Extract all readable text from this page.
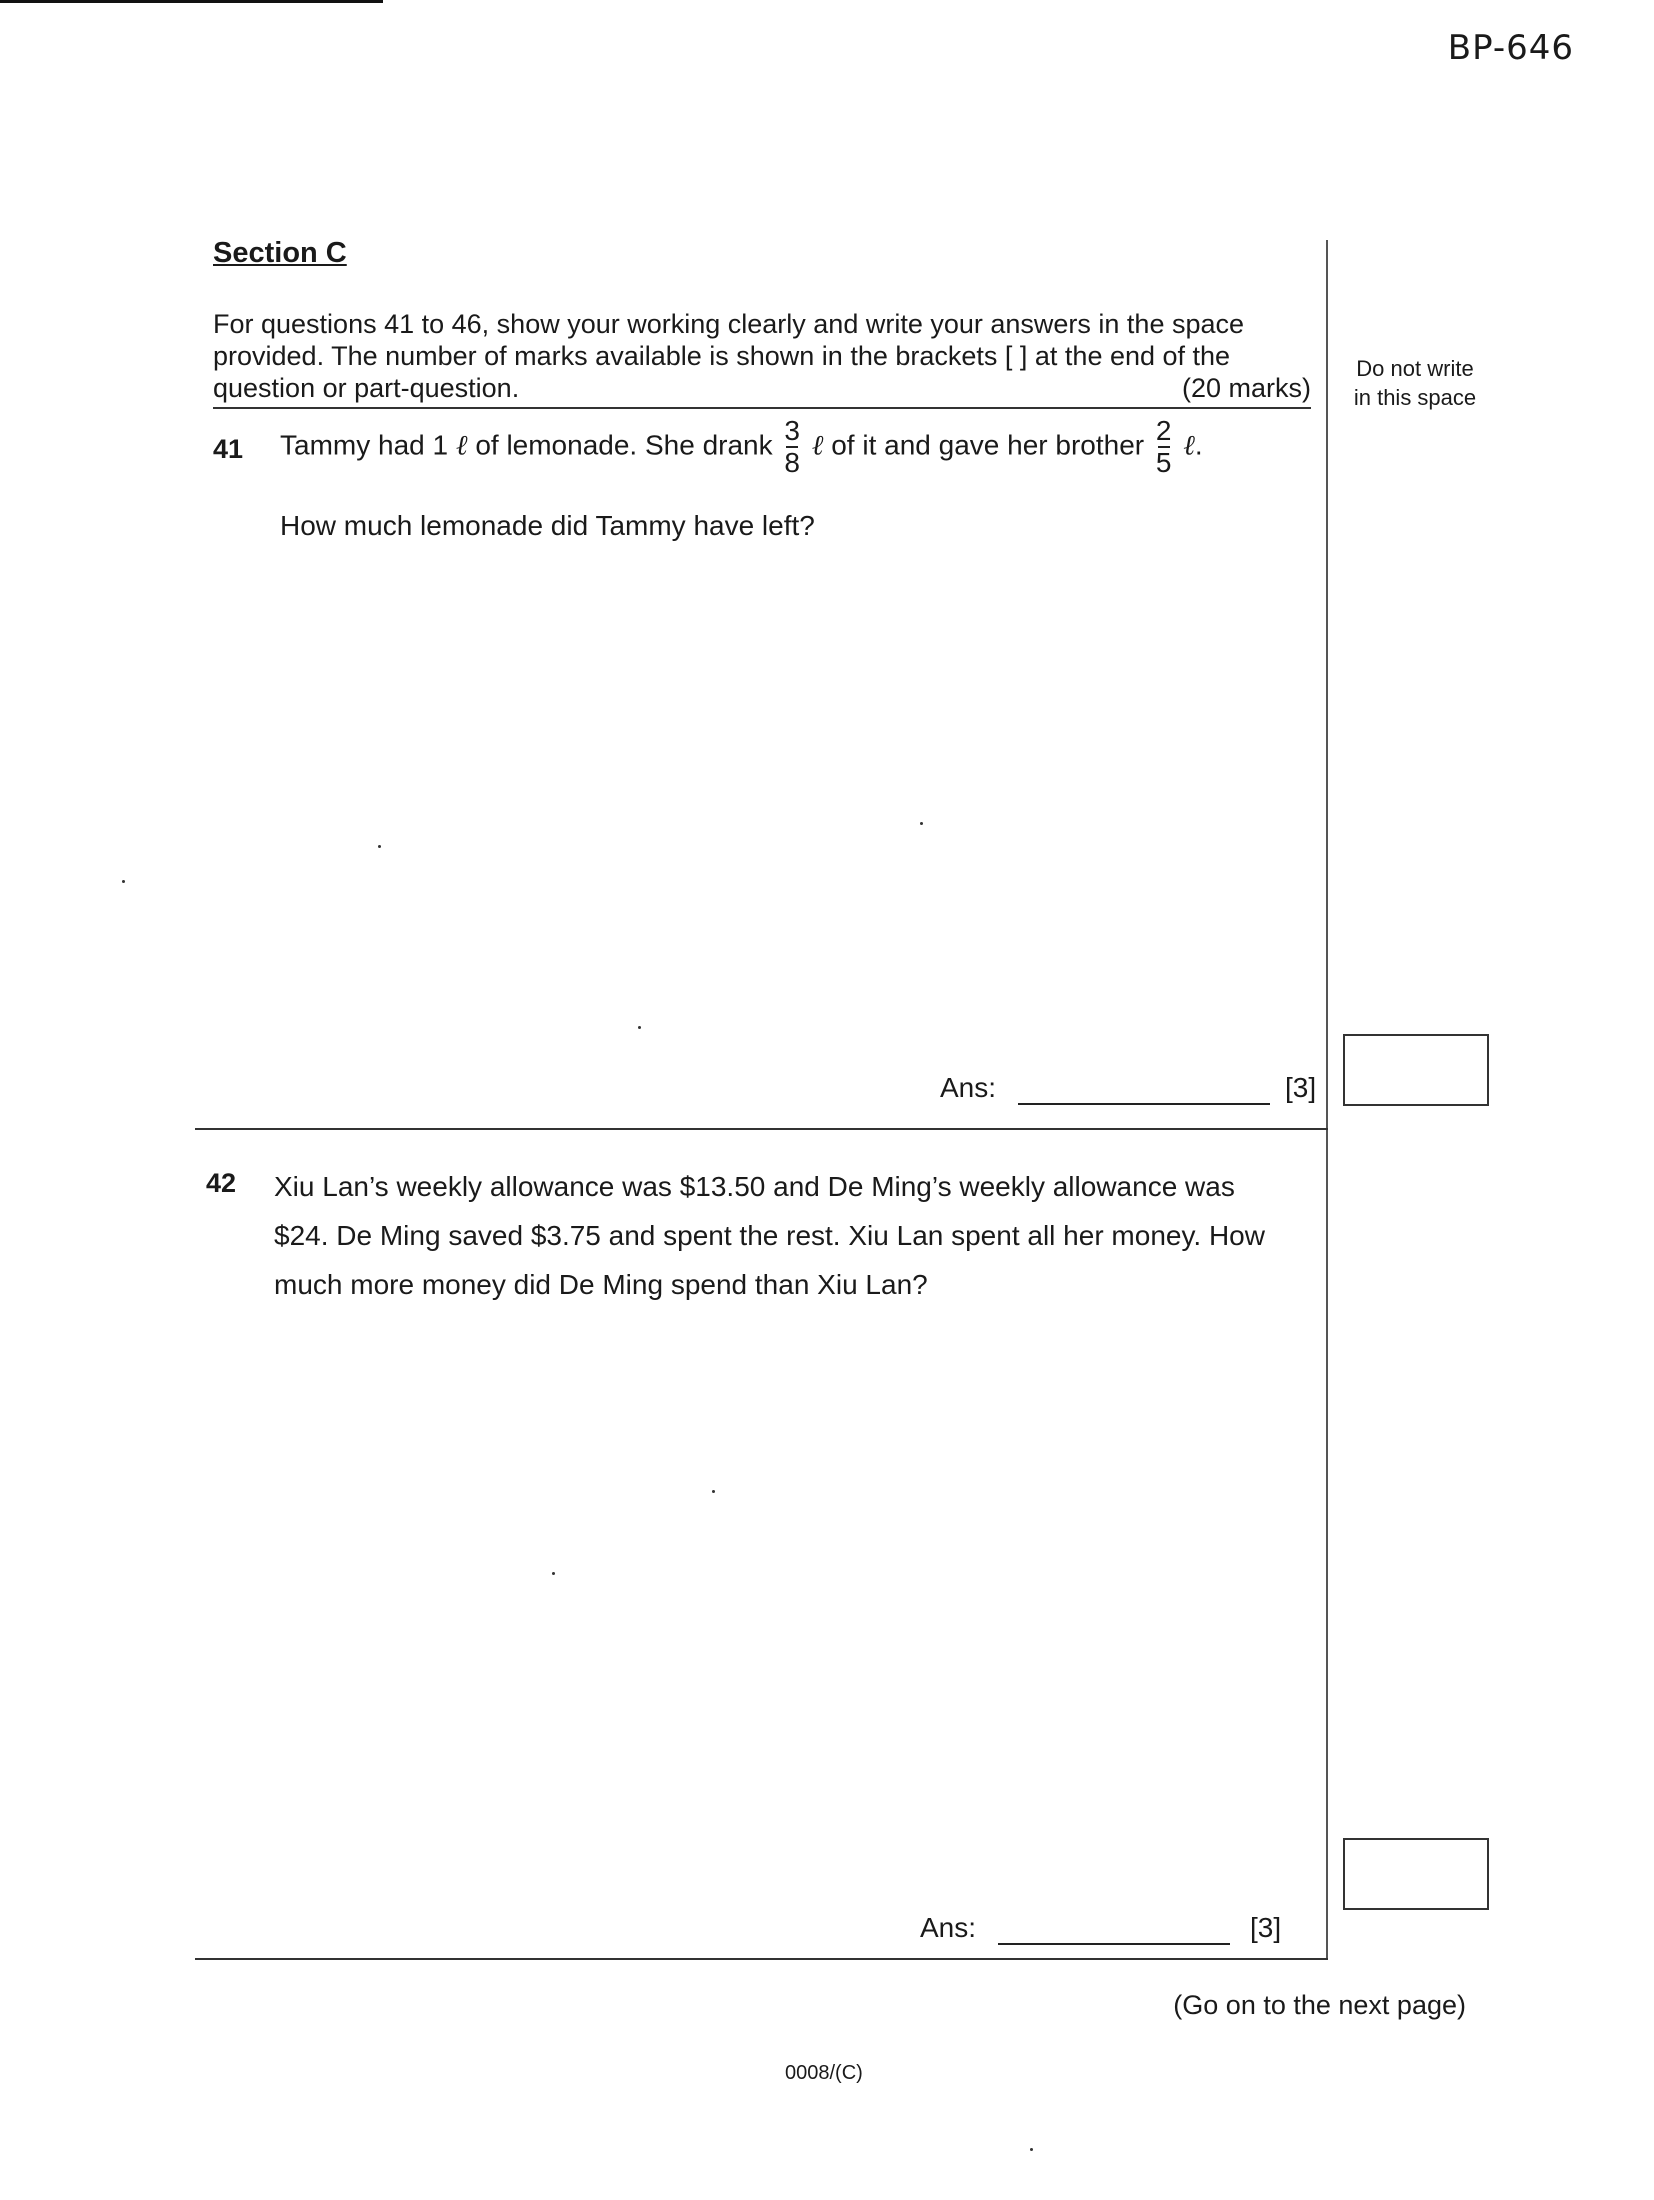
BP-646
Section C
For questions 41 to 46, show your working clearly and write your answers in the space
provided. The number of marks available is shown in the brackets [ ] at the end of the
question or part-question.	(20 marks)
Do not write
in this space
41 Tammy had 1 ℓ of lemonade. She drank $\frac{3}{8}$ ℓ of it and gave her brother $\frac{2}{5}$ ℓ.
How much lemonade did Tammy have left?
Ans:	[3]
42 Xiu Lan’s weekly allowance was $13.50 and De Ming’s weekly allowance was
$24. De Ming saved $3.75 and spent the rest. Xiu Lan spent all her money. How
much more money did De Ming spend than Xiu Lan?
Ans:	[3]
(Go on to the next page)
0008/(C)
